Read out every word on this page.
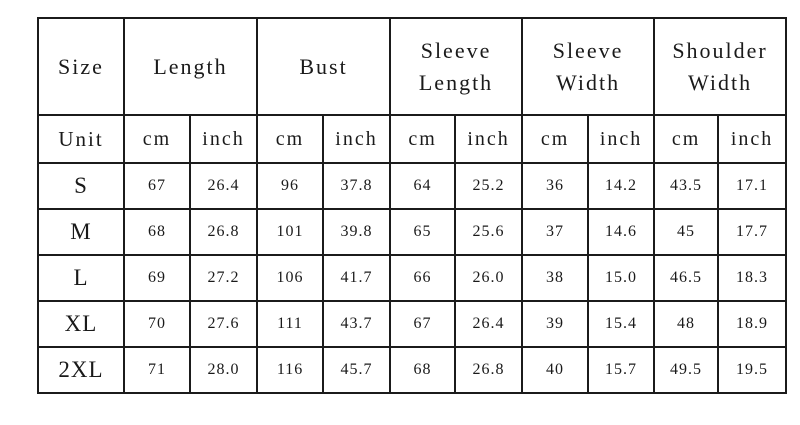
Size	Length		Bust		Sleeve Length		Sleeve Width		Shoulder Width	
Unit	cm	inch	cm	inch	cm	inch	cm	inch	cm	inch
S	67	26.4	96	37.8	64	25.2	36	14.2	43.5	17.1
M	68	26.8	101	39.8	65	25.6	37	14.6	45	17.7
L	69	27.2	106	41.7	66	26.0	38	15.0	46.5	18.3
XL	70	27.6	111	43.7	67	26.4	39	15.4	48	18.9
2XL	71	28.0	116	45.7	68	26.8	40	15.7	49.5	19.5
